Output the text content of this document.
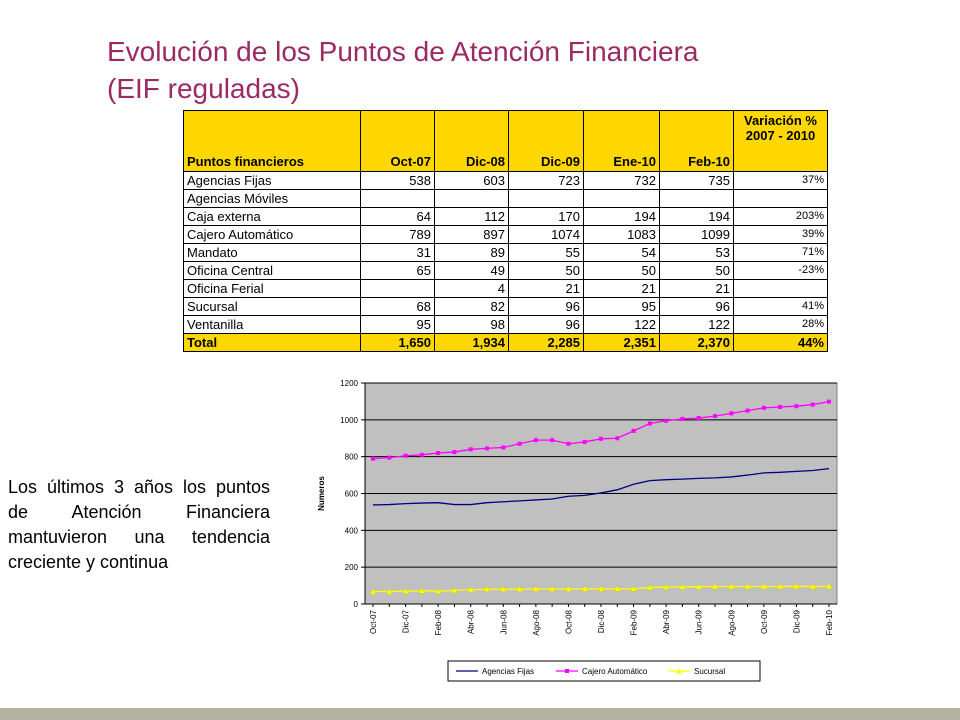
Evolución de los Puntos de Atención Financiera
(EIF reguladas)
Puntos financieros	Oct-07	Dic-08	Dic-09	Ene-10	Feb-10	Variación % 2007 - 2010
Agencias Fijas	538	603	723	732	735	37%
Agencias Móviles						
Caja externa	64	112	170	194	194	203%
Cajero Automático	789	897	1074	1083	1099	39%
Mandato	31	89	55	54	53	71%
Oficina Central	65	49	50	50	50	-23%
Oficina Ferial		4	21	21	21	
Sucursal	68	82	96	95	96	41%
Ventanilla	95	98	96	122	122	28%
Total	1,650	1,934	2,285	2,351	2,370	44%

Los últimos 3 años los puntos de Atención Financiera mantuvieron una tendencia creciente y continua

0
200
400
600
800
1000
1200
Numeros
Oct-07	Dic-07	Feb-08	Abr-08	Jun-08	Ago-08	Oct-08	Dic-08	Feb-09	Abr-09	Jun-09	Ago-09	Oct-09	Dic-09	Feb-10
Agencias Fijas	Cajero Automático	Sucursal
